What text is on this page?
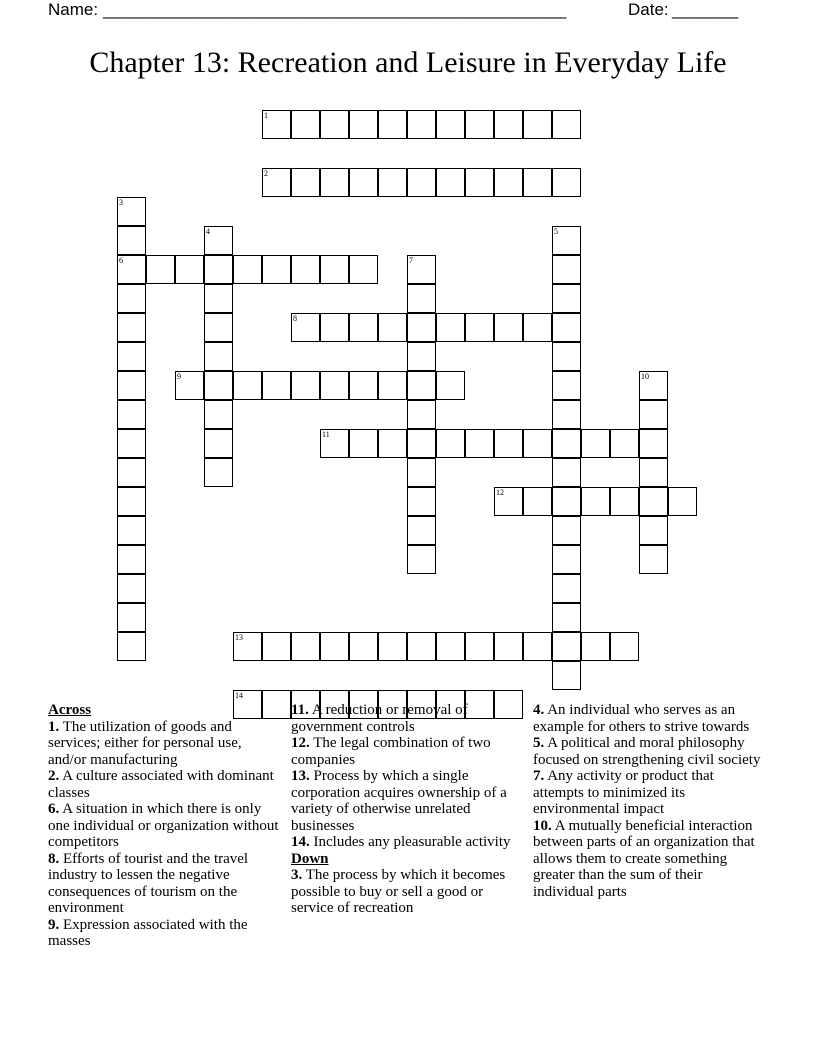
Name: _________________________________________________	Date: _______
Chapter 13: Recreation and Leisure in Everyday Life
1
2
3
6
4	5
7
8
9	10
11
12
13
14
Across
1. The utilization of goods and services; either for personal use, and/or manufacturing
2. A culture associated with dominant classes
6. A situation in which there is only one individual or organization without competitors
8. Efforts of tourist and the travel industry to lessen the negative consequences of tourism on the environment
9. Expression associated with the masses
11. A reduction or removal of government controls
12. The legal combination of two companies
13. Process by which a single corporation acquires ownership of a variety of otherwise unrelated businesses
14. Includes any pleasurable activity
Down
3. The process by which it becomes possible to buy or sell a good or service of recreation
4. An individual who serves as an example for others to strive towards
5. A political and moral philosophy focused on strengthening civil society
7. Any activity or product that attempts to minimized its environmental impact
10. A mutually beneficial interaction between parts of an organization that allows them to create something greater than the sum of their individual parts
